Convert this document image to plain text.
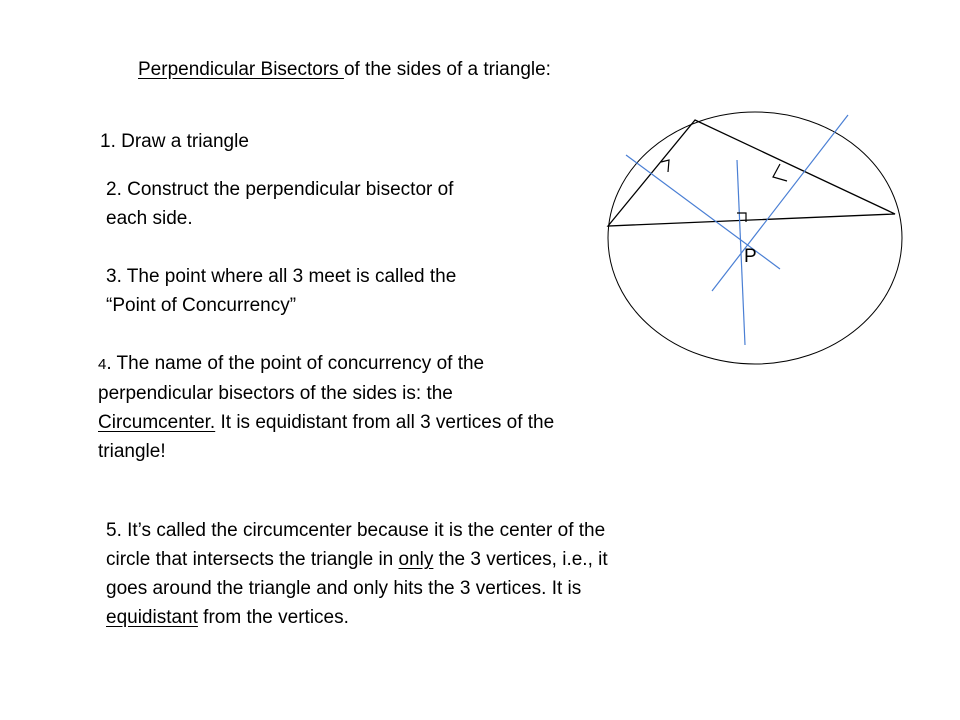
Perpendicular Bisectors of the sides of a triangle:

1. Draw a triangle

2. Construct the perpendicular bisector of each side.

3. The point where all 3 meet is called the “Point of Concurrency”

4. The name of the point of concurrency of the perpendicular bisectors of the sides is: the Circumcenter. It is equidistant from all 3 vertices of the triangle!

5. It’s called the circumcenter because it is the center of the circle that intersects the triangle in only the 3 vertices, i.e., it goes around the triangle and only hits the 3 vertices. It is equidistant from the vertices.

P
